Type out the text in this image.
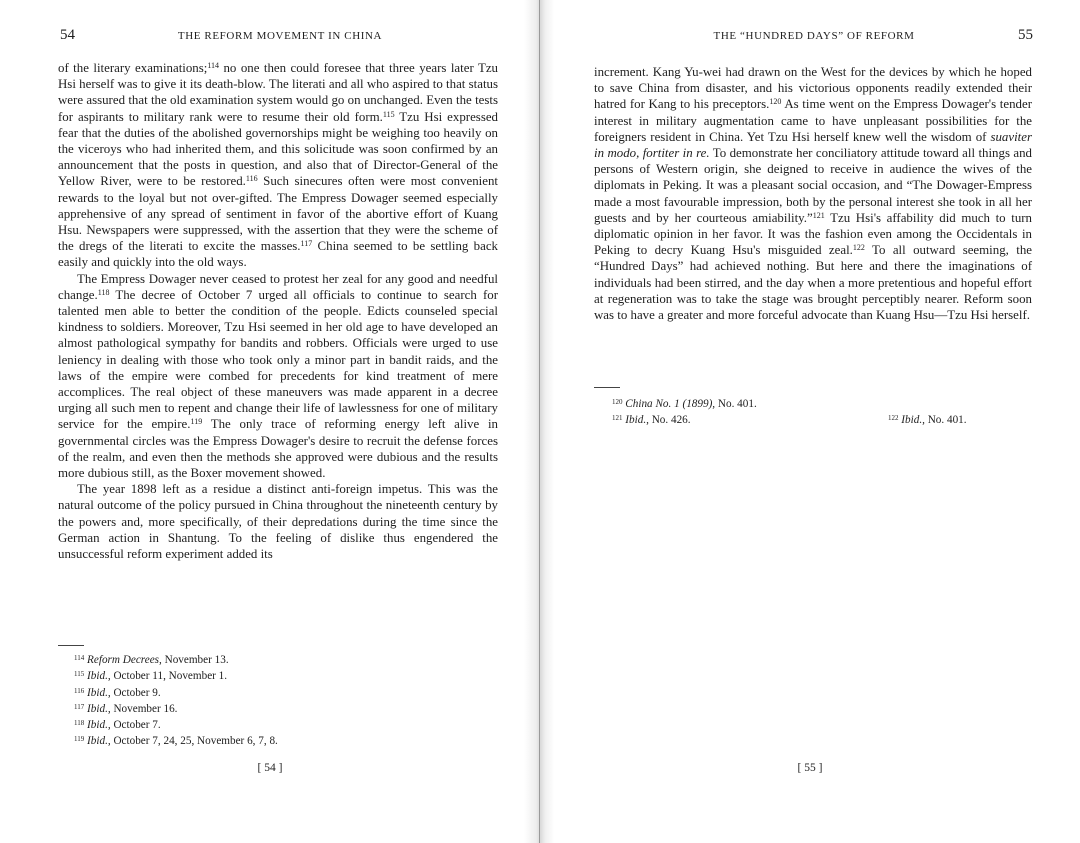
54	THE REFORM MOVEMENT IN CHINA

of the literary examinations;$^{114}$ no one then could foresee that three years later Tzu Hsi herself was to give it its death-blow. The literati and all who aspired to that status were assured that the old examination system would go on unchanged. Even the tests for aspirants to military rank were to resume their old form.$^{115}$ Tzu Hsi expressed fear that the duties of the abolished governorships might be weighing too heavily on the viceroys who had inherited them, and this solicitude was soon confirmed by an announcement that the posts in question, and also that of Director-General of the Yellow River, were to be restored.$^{116}$ Such sinecures often were most convenient rewards to the loyal but not over-gifted. The Empress Dowager seemed especially apprehensive of any spread of sentiment in favor of the abortive effort of Kuang Hsu. Newspapers were suppressed, with the assertion that they were the scheme of the dregs of the literati to excite the masses.$^{117}$ China seemed to be settling back easily and quickly into the old ways.

The Empress Dowager never ceased to protest her zeal for any good and needful change.$^{118}$ The decree of October 7 urged all officials to continue to search for talented men able to better the condition of the people. Edicts counseled special kindness to soldiers. Moreover, Tzu Hsi seemed in her old age to have developed an almost pathological sympathy for bandits and robbers. Officials were urged to use leniency in dealing with those who took only a minor part in bandit raids, and the laws of the empire were combed for precedents for kind treatment of mere accomplices. The real object of these maneuvers was made apparent in a decree urging all such men to repent and change their life of lawlessness for one of military service for the empire.$^{119}$ The only trace of reforming energy left alive in governmental circles was the Empress Dowager's desire to recruit the defense forces of the realm, and even then the methods she approved were dubious and the results more dubious still, as the Boxer movement showed.

The year 1898 left as a residue a distinct anti-foreign impetus. This was the natural outcome of the policy pursued in China throughout the nineteenth century by the powers and, more specifically, of their depredations during the time since the German action in Shantung. To the feeling of dislike thus engendered the unsuccessful reform experiment added its

$^{114}$ Reform Decrees, November 13.
$^{115}$ Ibid., October 11, November 1.
$^{116}$ Ibid., October 9.
$^{117}$ Ibid., November 16.
$^{118}$ Ibid., October 7.
$^{119}$ Ibid., October 7, 24, 25, November 6, 7, 8.
[ 54 ]
THE “HUNDRED DAYS” OF REFORM	55

increment. Kang Yu-wei had drawn on the West for the devices by which he hoped to save China from disaster, and his victorious opponents readily extended their hatred for Kang to his preceptors.$^{120}$ As time went on the Empress Dowager's tender interest in military augmentation came to have unpleasant possibilities for the foreigners resident in China. Yet Tzu Hsi herself knew well the wisdom of suaviter in modo, fortiter in re. To demonstrate her conciliatory attitude toward all things and persons of Western origin, she deigned to receive in audience the wives of the diplomats in Peking. It was a pleasant social occasion, and “The Dowager-Empress made a most favourable impression, both by the personal interest she took in all her guests and by her courteous amiability.”$^{121}$ Tzu Hsi's affability did much to turn diplomatic opinion in her favor. It was the fashion even among the Occidentals in Peking to decry Kuang Hsu's misguided zeal.$^{122}$ To all outward seeming, the “Hundred Days” had achieved nothing. But here and there the imaginations of individuals had been stirred, and the day when a more pretentious and hopeful effort at regeneration was to take the stage was brought perceptibly nearer. Reform soon was to have a greater and more forceful advocate than Kuang Hsu—Tzu Hsi herself.

$^{120}$ China No. 1 (1899), No. 401.
$^{121}$ Ibid., No. 426.	$^{122}$ Ibid., No. 401.
[ 55 ]
